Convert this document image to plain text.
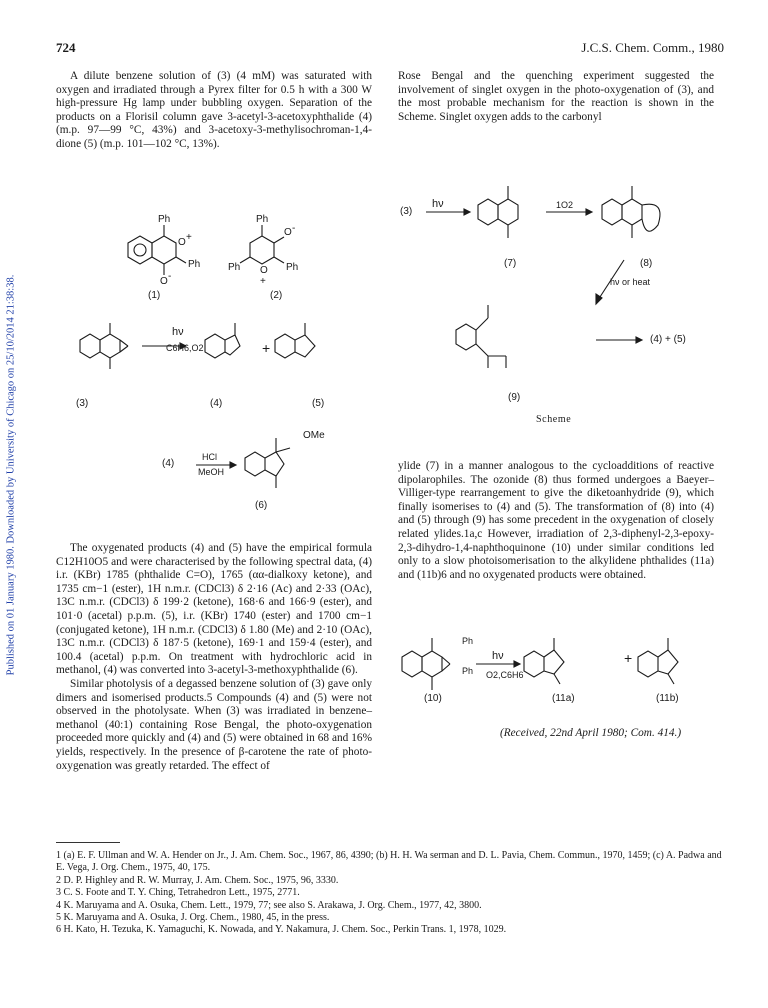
Published on 01 January 1980. Downloaded by University of Chicago on 25/10/2014 21:38:38.
724	J.C.S. Chem. Comm., 1980

A dilute benzene solution of (3) (4 mM) was saturated with oxygen and irradiated through a Pyrex filter for 0.5 h with a 300 W high-pressure Hg lamp under bubbling oxygen. Separation of the products on a Florisil column gave 3-acetyl-3-acetoxyphthalide (4) (m.p. 97—99 °C, 43%) and 3-acetoxy-3-methylisochroman-1,4-dione (5) (m.p. 101—102 °C, 13%).

Ph
O +
Ph
O -
Ph
O -
Ph O
+
Ph
(1)	(2)
hν
C6H6,O2	+
(3)	(4)	(5)
(4)
HCl
MeOH
OMe
(6)

The oxygenated products (4) and (5) have the empirical formula C12H10O5 and were characterised by the following spectral data, (4) i.r. (KBr) 1785 (phthalide C=O), 1765 (αα-dialkoxy ketone), and 1735 cm−1 (ester), 1H n.m.r. (CDCl3) δ 2·16 (Ac) and 2·33 (OAc), 13C n.m.r. (CDCl3) δ 199·2 (ketone), 168·6 and 166·9 (ester), and 101·0 (acetal) p.p.m. (5), i.r. (KBr) 1740 (ester) and 1700 cm−1 (conjugated ketone), 1H n.m.r. (CDCl3) δ 1.80 (Me) and 2·10 (OAc), 13C n.m.r. (CDCl3) δ 187·5 (ketone), 169·1 and 159·4 (ester), and 100.4 (acetal) p.p.m. On treatment with hydrochloric acid in methanol, (4) was converted into 3-acetyl-3-methoxyphthalide (6).

Similar photolysis of a degassed benzene solution of (3) gave only dimers and isomerised products.5 Compounds (4) and (5) were not observed in the photolysate. When (3) was irradiated in benzene–methanol (40:1) containing Rose Bengal, the photo-oxygenation proceeded more quickly and (4) and (5) were obtained in 68 and 16% yields, respectively. In the presence of β-carotene the rate of photo-oxygenation was greatly retarded. The effect of

Rose Bengal and the quenching experiment suggested the involvement of singlet oxygen in the photo-oxygenation of (3), and the most probable mechanism for the reaction is shown in the Scheme. Singlet oxygen adds to the carbonyl

(3)
hν	1O2
(7)	(8)
hν or heat
(4) + (5)
(9)
Scheme

ylide (7) in a manner analogous to the cycloadditions of reactive dipolarophiles. The ozonide (8) thus formed undergoes a Baeyer–Villiger-type rearrangement to give the diketoanhydride (9), which finally isomerises to (4) and (5). The transformation of (8) into (4) and (5) through (9) has some precedent in the oxygenation of closely related ylides.1a,c However, irradiation of 2,3-diphenyl-2,3-epoxy-2,3-dihydro-1,4-naphthoquinone (10) under similar conditions led only to a slow photoisomerisation to the alkylidene phthalides (11a) and (11b)6 and no oxygenated products were obtained.

Ph
Ph
hν
O2,C6H6
+
(10)	(11a)	(11b)
(Received, 22nd April 1980; Com. 414.)
1 (a) E. F. Ullman and W. A. Hender on Jr., J. Am. Chem. Soc., 1967, 86, 4390; (b) H. H. Wa serman and D. L. Pavia, Chem. Commun., 1970, 1459; (c) A. Padwa and E. Vega, J. Org. Chem., 1975, 40, 175.
2 D. P. Highley and R. W. Murray, J. Am. Chem. Soc., 1975, 96, 3330.
3 C. S. Foote and T. Y. Ching, Tetrahedron Lett., 1975, 2771.
4 K. Maruyama and A. Osuka, Chem. Lett., 1979, 77; see also S. Arakawa, J. Org. Chem., 1977, 42, 3800.
5 K. Maruyama and A. Osuka, J. Org. Chem., 1980, 45, in the press.
6 H. Kato, H. Tezuka, K. Yamaguchi, K. Nowada, and Y. Nakamura, J. Chem. Soc., Perkin Trans. 1, 1978, 1029.
